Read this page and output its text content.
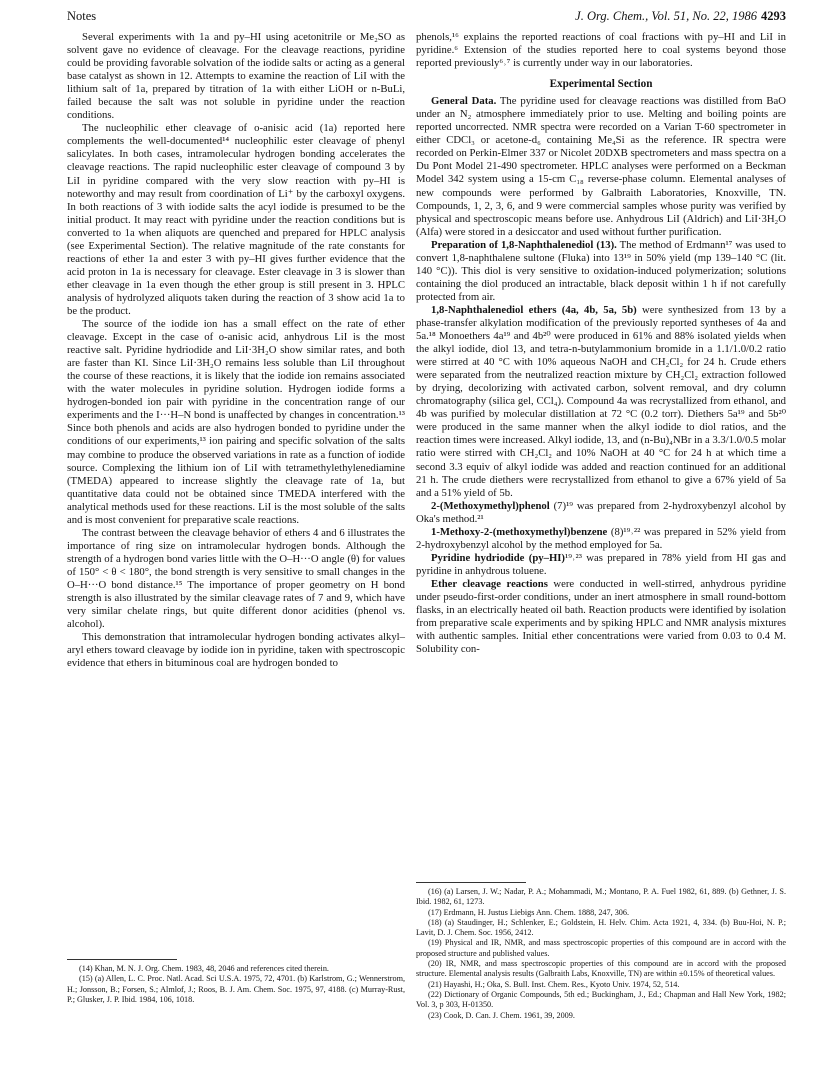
Notes	J. Org. Chem., Vol. 51, No. 22, 1986 4293

Several experiments with 1a and py–HI using acetonitrile or Me₂SO as solvent gave no evidence of cleavage. For the cleavage reactions, pyridine could be providing favorable solvation of the iodide salts or acting as a general base catalyst as shown in 12. Attempts to examine the reaction of LiI with the lithium salt of 1a, prepared by titration of 1a with either LiOH or n-BuLi, failed because the salt was not soluble in pyridine under the reaction conditions.

The nucleophilic ether cleavage of o-anisic acid (1a) reported here complements the well-documented¹⁴ nucleophilic ester cleavage of phenyl salicylates. In both cases, intramolecular hydrogen bonding accelerates the cleavage reactions. The rapid nucleophilic ester cleavage of compound 3 by LiI in pyridine compared with the very slow reaction with py–HI is noteworthy and may result from coordination of Li⁺ by the carboxyl oxygens. In both reactions of 3 with iodide salts the acyl iodide is presumed to be the initial product. It may react with pyridine under the reaction conditions but is converted to 1a when aliquots are quenched and prepared for HPLC analysis (see Experimental Section). The relative magnitude of the rate constants for reactions of ether 1a and ester 3 with py–HI gives further evidence that the acid proton in 1a is necessary for cleavage. Ester cleavage in 3 is slower than ether cleavage in 1a even though the ether group is still present in 3. HPLC analysis of hydrolyzed aliquots taken during the reaction of 3 show acid 1a to be the product.

The source of the iodide ion has a small effect on the rate of ether cleavage. Except in the case of o-anisic acid, anhydrous LiI is the most reactive salt. Pyridine hydriodide and LiI·3H₂O show similar rates, and both are faster than KI. Since LiI·3H₂O remains less soluble than LiI throughout the course of these reactions, it is likely that the iodide ion remains associated with the water molecules in pyridine solution. Hydrogen iodide forms a hydrogen-bonded ion pair with pyridine in the concentration range of our experiments and the I···H–N bond is unaffected by changes in concentration.¹³ Since both phenols and acids are also hydrogen bonded to pyridine under the conditions of our experiments,¹³ ion pairing and specific solvation of the salts may combine to produce the observed variations in rate as a function of iodide source. Complexing the lithium ion of LiI with tetramethylethylenediamine (TMEDA) appeared to increase slightly the cleavage rate of 1a, but quantitative data could not be obtained since TMEDA interfered with the analytical methods used for these reactions. LiI is the most soluble of the salts and is most convenient for preparative scale reactions.

The contrast between the cleavage behavior of ethers 4 and 6 illustrates the importance of ring size on intramolecular hydrogen bonds. Although the strength of a hydrogen bond varies little with the O–H···O angle (θ) for values of 150° < θ < 180°, the bond strength is very sensitive to small changes in the O–H···O bond distance.¹⁵ The importance of proper geometry on H bond strength is also illustrated by the similar cleavage rates of 7 and 9, which have very similar chelate rings, but quite different donor acidities (phenol vs. alcohol).

This demonstration that intramolecular hydrogen bonding activates alkyl–aryl ethers toward cleavage by iodide ion in pyridine, taken with spectroscopic evidence that ethers in bituminous coal are hydrogen bonded to

(14) Khan, M. N. J. Org. Chem. 1983, 48, 2046 and references cited therein.

(15) (a) Allen, L. C. Proc. Natl. Acad. Sci U.S.A. 1975, 72, 4701. (b) Karlstrom, G.; Wennerstrom, H.; Jonsson, B.; Forsen, S.; Almlof, J.; Roos, B. J. Am. Chem. Soc. 1975, 97, 4188. (c) Murray-Rust, P.; Glusker, J. P. Ibid. 1984, 106, 1018.

phenols,¹⁶ explains the reported reactions of coal fractions with py–HI and LiI in pyridine.⁶ Extension of the studies reported here to coal systems beyond those reported previously⁶˒⁷ is currently under way in our laboratories.

Experimental Section

General Data. The pyridine used for cleavage reactions was distilled from BaO under an N₂ atmosphere immediately prior to use. Melting and boiling points are reported uncorrected. NMR spectra were recorded on a Varian T-60 spectrometer in either CDCl₃ or acetone-d₆ containing Me₄Si as the reference. IR spectra were recorded on Perkin-Elmer 337 or Nicolet 20DXB spectrometers and mass spectra on a Du Pont Model 21-490 spectrometer. HPLC analyses were performed on a Beckman Model 342 system using a 15-cm C₁₈ reverse-phase column. Elemental analyses of new compounds were performed by Galbraith Laboratories, Knoxville, TN. Compounds, 1, 2, 3, 6, and 9 were commercial samples whose purity was verified by physical and spectroscopic means before use. Anhydrous LiI (Aldrich) and LiI·3H₂O (Alfa) were stored in a desiccator and used without further purification.

Preparation of 1,8-Naphthalenediol (13). The method of Erdmann¹⁷ was used to convert 1,8-naphthalene sultone (Fluka) into 13¹⁹ in 50% yield (mp 139–140 °C (lit. 140 °C)). This diol is very sensitive to oxidation-induced polymerization; solutions containing the diol produced an intractable, black deposit within 1 h if not carefully protected from air.

1,8-Naphthalenediol ethers (4a, 4b, 5a, 5b) were synthesized from 13 by a phase-transfer alkylation modification of the previously reported syntheses of 4a and 5a.¹⁸ Monoethers 4a¹⁹ and 4b²⁰ were produced in 61% and 88% isolated yields when the alkyl iodide, diol 13, and tetra-n-butylammonium bromide in a 1.1/1.0/0.2 ratio were stirred at 40 °C with 10% aqueous NaOH and CH₂Cl₂ for 24 h. Crude ethers were separated from the neutralized reaction mixture by CH₂Cl₂ extraction followed by drying, decolorizing with activated carbon, solvent removal, and dry column chromatography (silica gel, CCl₄). Compound 4a was recrystallized from ethanol, and 4b was purified by molecular distillation at 72 °C (0.2 torr). Diethers 5a¹⁹ and 5b²⁰ were produced in the same manner when the alkyl iodide to diol ratios, and the reaction times were increased. Alkyl iodide, 13, and (n-Bu)₄NBr in a 3.3/1.0/0.5 molar ratio were stirred with CH₂Cl₂ and 10% NaOH at 40 °C for 24 h at which time a second 3.3 equiv of alkyl iodide was added and reaction continued for an additional 21 h. The crude diethers were recrystallized from ethanol to give a 67% yield of 5a and a 51% yield of 5b.

2-(Methoxymethyl)phenol (7)¹⁹ was prepared from 2-hydroxybenzyl alcohol by Oka's method.²¹

1-Methoxy-2-(methoxymethyl)benzene (8)¹⁹˒²² was prepared in 52% yield from 2-hydroxybenzyl alcohol by the method employed for 5a.

Pyridine hydriodide (py–HI)¹⁹˒²³ was prepared in 78% yield from HI gas and pyridine in anhydrous toluene.

Ether cleavage reactions were conducted in well-stirred, anhydrous pyridine under pseudo-first-order conditions, under an inert atmosphere in small round-bottom flasks, in an electrically heated oil bath. Reaction products were identified by isolation from preparative scale experiments and by spiking HPLC and NMR analysis mixtures with authentic samples. Initial ether concentrations were varied from 0.03 to 0.4 M. Solubility con-

(16) (a) Larsen, J. W.; Nadar, P. A.; Mohammadi, M.; Montano, P. A. Fuel 1982, 61, 889. (b) Gethner, J. S. Ibid. 1982, 61, 1273.

(17) Erdmann, H. Justus Liebigs Ann. Chem. 1888, 247, 306.

(18) (a) Staudinger, H.; Schlenker, E.; Goldstein, H. Helv. Chim. Acta 1921, 4, 334. (b) Buu-Hoi, N. P.; Lavit, D. J. Chem. Soc. 1956, 2412.

(19) Physical and IR, NMR, and mass spectroscopic properties of this compound are in accord with the proposed structure and published values.

(20) IR, NMR, and mass spectroscopic properties of this compound are in accord with the proposed structure. Elemental analysis results (Galbraith Labs, Knoxville, TN) are within ±0.15% of theoretical values.

(21) Hayashi, H.; Oka, S. Bull. Inst. Chem. Res., Kyoto Univ. 1974, 52, 514.

(22) Dictionary of Organic Compounds, 5th ed.; Buckingham, J., Ed.; Chapman and Hall New York, 1982; Vol. 3, p 303, H-01350.

(23) Cook, D. Can. J. Chem. 1961, 39, 2009.
